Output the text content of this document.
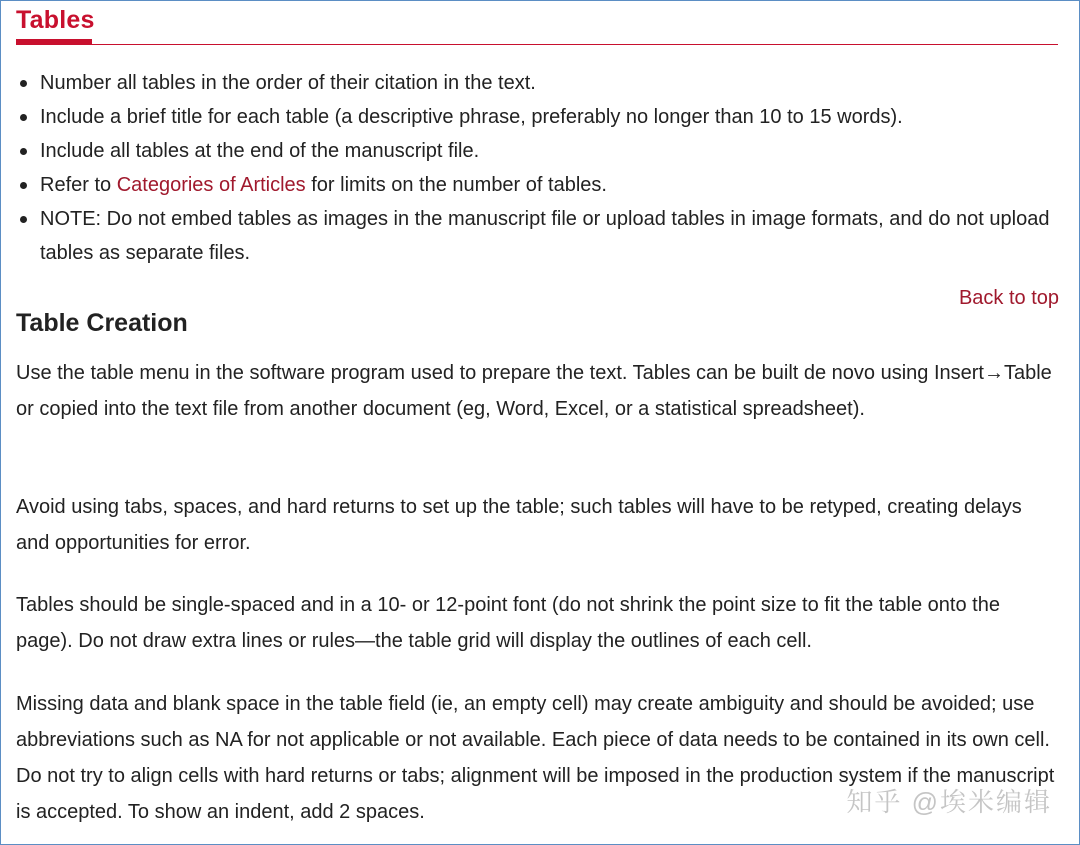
Tables
Number all tables in the order of their citation in the text.
Include a brief title for each table (a descriptive phrase, preferably no longer than 10 to 15 words).
Include all tables at the end of the manuscript file.
Refer to Categories of Articles for limits on the number of tables.
NOTE: Do not embed tables as images in the manuscript file or upload tables in image formats, and do not upload tables as separate files.
Back to top
Table Creation

Use the table menu in the software program used to prepare the text. Tables can be built de novo using Insert→Table or copied into the text file from another document (eg, Word, Excel, or a statistical spreadsheet).

Avoid using tabs, spaces, and hard returns to set up the table; such tables will have to be retyped, creating delays and opportunities for error.

Tables should be single-spaced and in a 10- or 12-point font (do not shrink the point size to fit the table onto the page). Do not draw extra lines or rules—the table grid will display the outlines of each cell.

Missing data and blank space in the table field (ie, an empty cell) may create ambiguity and should be avoided; use abbreviations such as NA for not applicable or not available. Each piece of data needs to be contained in its own cell. Do not try to align cells with hard returns or tabs; alignment will be imposed in the production system if the manuscript is accepted. To show an indent, add 2 spaces.	知乎 @埃米编辑
